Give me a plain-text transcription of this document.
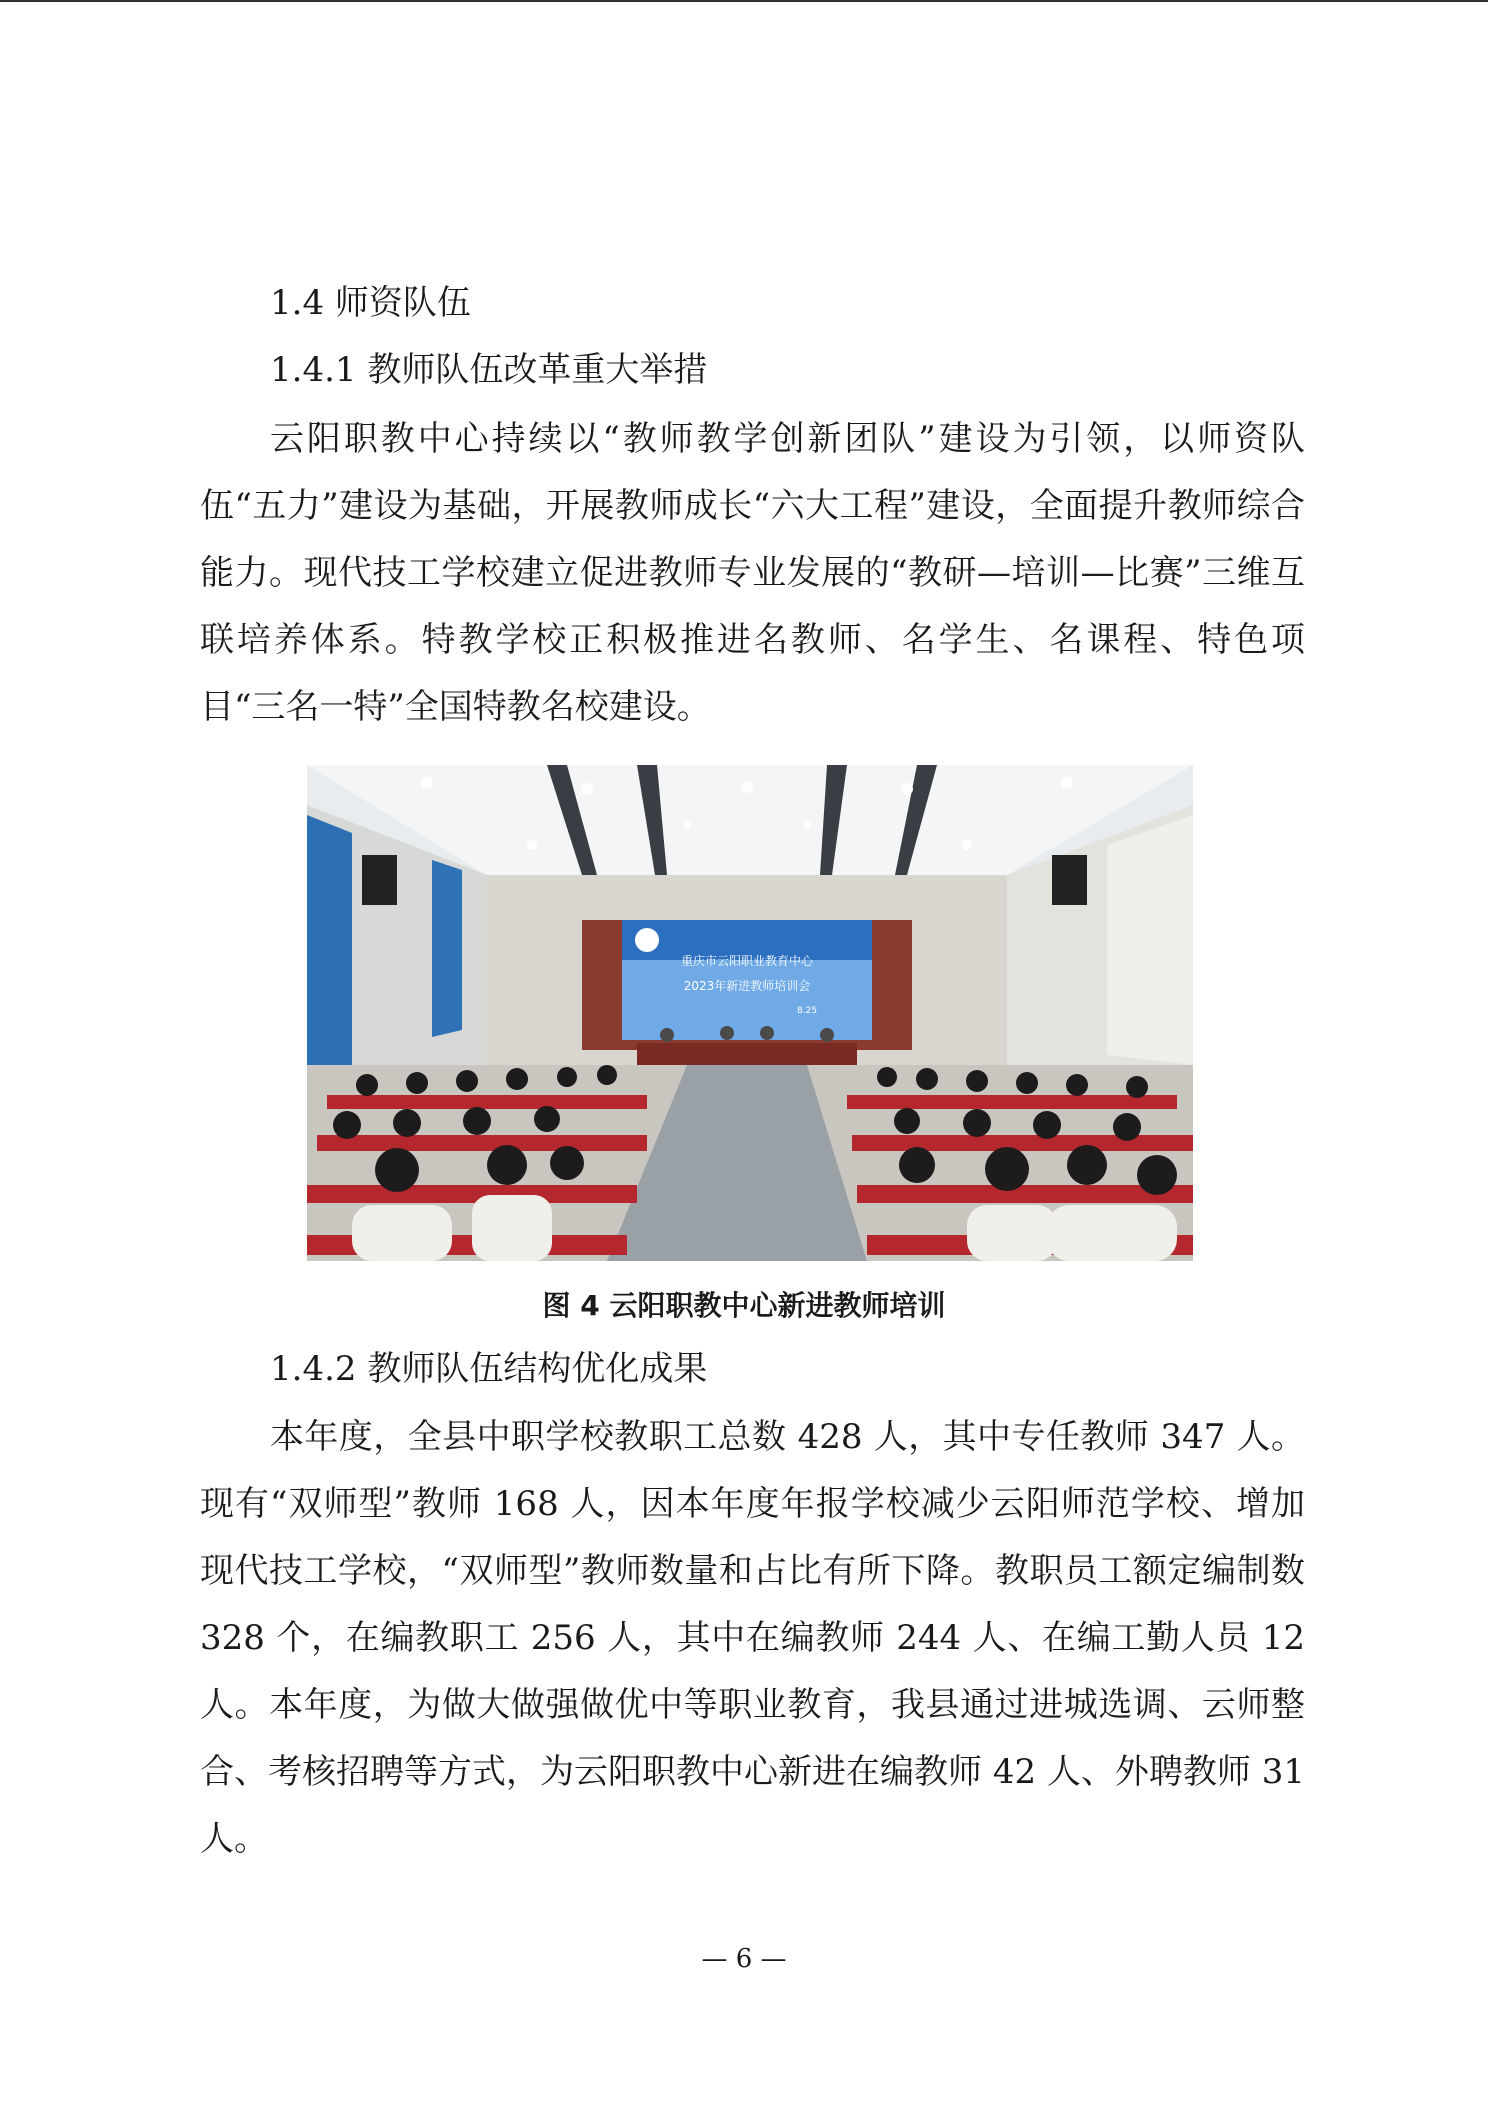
1.4 师资队伍
1.4.1 教师队伍改革重大举措

云阳职教中心持续以“教师教学创新团队”建设为引领，以师资队伍“五力”建设为基础，开展教师成长“六大工程”建设，全面提升教师综合能力。现代技工学校建立促进教师专业发展的“教研—培训—比赛”三维互联培养体系。特教学校正积极推进名教师、名学生、名课程、特色项目“三名一特”全国特教名校建设。

重庆市云阳职业教育中心
2023年新进教师培训会
8.25
图 4 云阳职教中心新进教师培训
1.4.2 教师队伍结构优化成果

本年度，全县中职学校教职工总数 428 人，其中专任教师 347 人。现有“双师型”教师 168 人，因本年度年报学校减少云阳师范学校、增加现代技工学校，“双师型”教师数量和占比有所下降。教职员工额定编制数 328 个，在编教职工 256 人，其中在编教师 244 人、在编工勤人员 12 人。本年度，为做大做强做优中等职业教育，我县通过进城选调、云师整合、考核招聘等方式，为云阳职教中心新进在编教师 42 人、外聘教师 31 人。

— 6 —
